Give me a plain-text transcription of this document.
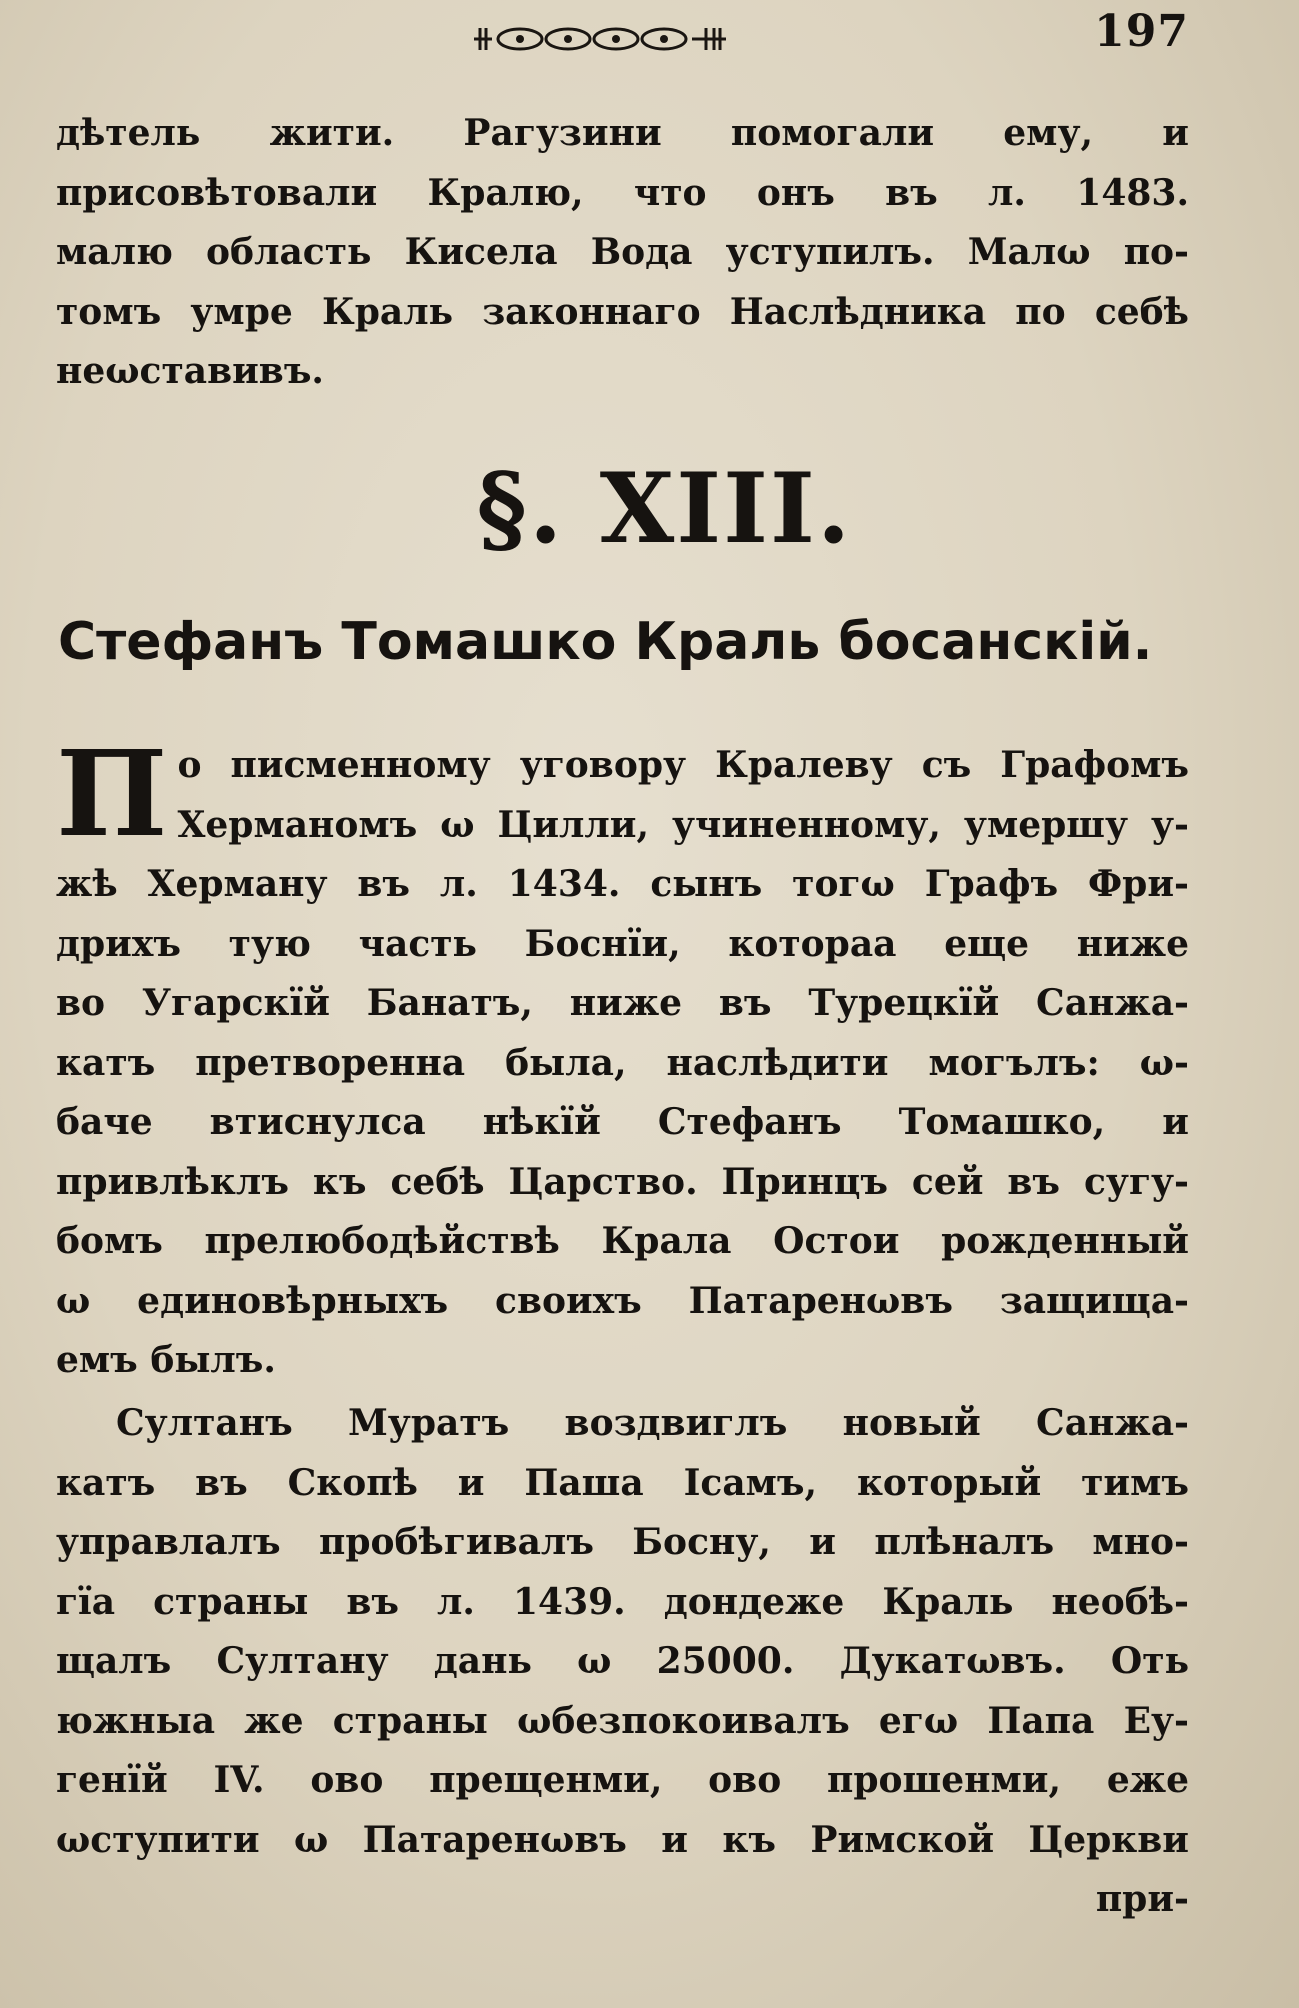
197
дѣтель жити. Рагузини помогали ему, и
присовѣтовали Кралю, что онъ въ л. 1483.
малю область Кисела Вода уступилъ. Малω по-
томъ умре Краль законнаго Наслѣдника по себѣ
неωставивъ.
§. XIII.
Стефанъ Томашко Краль босанскій.
П о писменному уговору Кралеву съ Графомъ
Херманомъ ω Цилли, учиненному, умершу у-
жѣ Херману въ л. 1434. сынъ тогω Графъ Фри-
дрихъ тую часть Боснїи, котораа еще ниже
во Угарскїй Банатъ, ниже въ Турецкїй Санжа-
катъ претворенна была, наслѣдити могълъ: ω-
баче втиснулса нѣкїй Стефанъ Томашко, и
привлѣклъ къ себѣ Царство. Принцъ сей въ сугу-
бомъ прелюбодѣйствѣ Крала Остои рожденный
ω единовѣрныхъ своихъ Патаренωвъ защища-
емъ былъ.
Султанъ Муратъ воздвиглъ новый Санжа-
катъ въ Скопѣ и Паша Ісамъ, который тимъ
управлалъ пробѣгивалъ Босну, и плѣналъ мно-
гїа страны въ л. 1439. дондеже Краль необѣ-
щалъ Султану дань ω 25000. Дукатωвъ. Оть
южныа же страны ωбезпокоивалъ егω Папа Еу-
генїй IV. ово прещенми, ово прошенми, еже
ωступити ω Патаренωвъ и къ Римской Церкви
при-
